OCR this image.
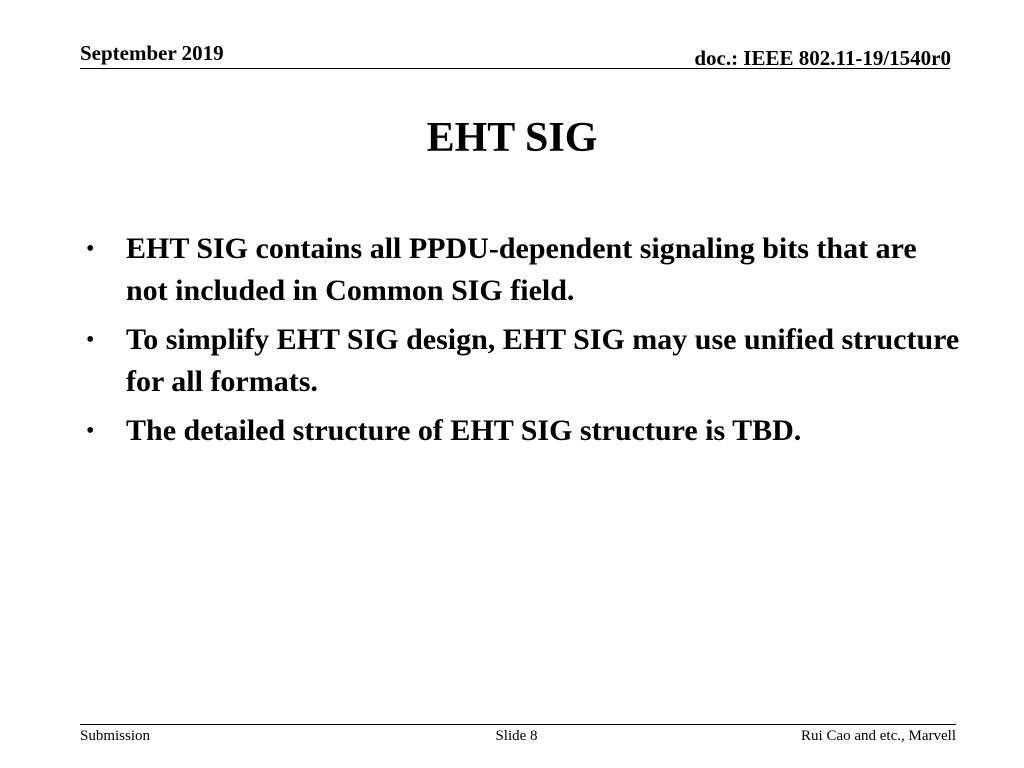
September 2019	doc.: IEEE 802.11-19/1540r0
EHT SIG
• EHT SIG contains all PPDU-dependent signaling bits that are not included in Common SIG field.
• To simplify EHT SIG design, EHT SIG may use unified structure for all formats.
• The detailed structure of EHT SIG structure is TBD.
Submission	Slide 8	Rui Cao and etc., Marvell
